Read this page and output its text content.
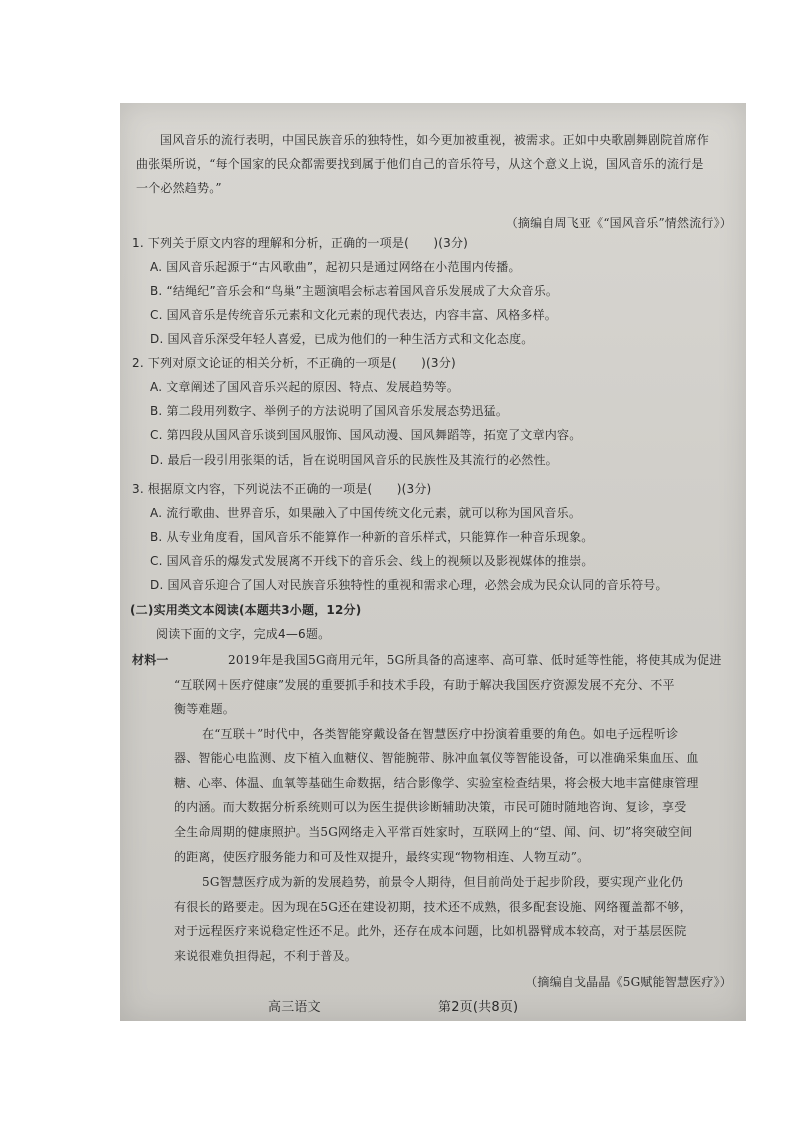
国风音乐的流行表明，中国民族音乐的独特性，如今更加被重视，被需求。正如中央歌剧舞剧院首席作
曲张渠所说，“每个国家的民众都需要找到属于他们自己的音乐符号，从这个意义上说，国风音乐的流行是
一个必然趋势。”
（摘编自周飞亚《“国风音乐”情然流行》）
1. 下列关于原文内容的理解和分析，正确的一项是(　　)(3分)
A. 国风音乐起源于“古风歌曲”，起初只是通过网络在小范围内传播。
B. “结绳纪”音乐会和“鸟巢”主题演唱会标志着国风音乐发展成了大众音乐。
C. 国风音乐是传统音乐元素和文化元素的现代表达，内容丰富、风格多样。
D. 国风音乐深受年轻人喜爱，已成为他们的一种生活方式和文化态度。
2. 下列对原文论证的相关分析，不正确的一项是(　　)(3分)
A. 文章阐述了国风音乐兴起的原因、特点、发展趋势等。
B. 第二段用列数字、举例子的方法说明了国风音乐发展态势迅猛。
C. 第四段从国风音乐谈到国风服饰、国风动漫、国风舞蹈等，拓宽了文章内容。
D. 最后一段引用张渠的话，旨在说明国风音乐的民族性及其流行的必然性。
3. 根据原文内容，下列说法不正确的一项是(　　)(3分)
A. 流行歌曲、世界音乐，如果融入了中国传统文化元素，就可以称为国风音乐。
B. 从专业角度看，国风音乐不能算作一种新的音乐样式，只能算作一种音乐现象。
C. 国风音乐的爆发式发展离不开线下的音乐会、线上的视频以及影视媒体的推崇。
D. 国风音乐迎合了国人对民族音乐独特性的重视和需求心理，必然会成为民众认同的音乐符号。
(二)实用类文本阅读(本题共3小题，12分)
阅读下面的文字，完成4—6题。
材料一	2019年是我国5G商用元年，5G所具备的高速率、高可靠、低时延等性能，将使其成为促进
“互联网＋医疗健康”发展的重要抓手和技术手段，有助于解决我国医疗资源发展不充分、不平
衡等难题。
在“互联＋”时代中，各类智能穿戴设备在智慧医疗中扮演着重要的角色。如电子远程听诊
器、智能心电监测、皮下植入血糖仪、智能腕带、脉冲血氧仪等智能设备，可以准确采集血压、血
糖、心率、体温、血氧等基础生命数据，结合影像学、实验室检查结果，将会极大地丰富健康管理
的内涵。而大数据分析系统则可以为医生提供诊断辅助决策，市民可随时随地咨询、复诊，享受
全生命周期的健康照护。当5G网络走入平常百姓家时，互联网上的“望、闻、问、切”将突破空间
的距离，使医疗服务能力和可及性双提升，最终实现“物物相连、人物互动”。
5G智慧医疗成为新的发展趋势，前景令人期待，但目前尚处于起步阶段，要实现产业化仍
有很长的路要走。因为现在5G还在建设初期，技术还不成熟，很多配套设施、网络覆盖都不够，
对于远程医疗来说稳定性还不足。此外，还存在成本问题，比如机器臂成本较高，对于基层医院
来说很难负担得起，不利于普及。
（摘编自戈晶晶《5G赋能智慧医疗》）
高三语文	第2页(共8页)
